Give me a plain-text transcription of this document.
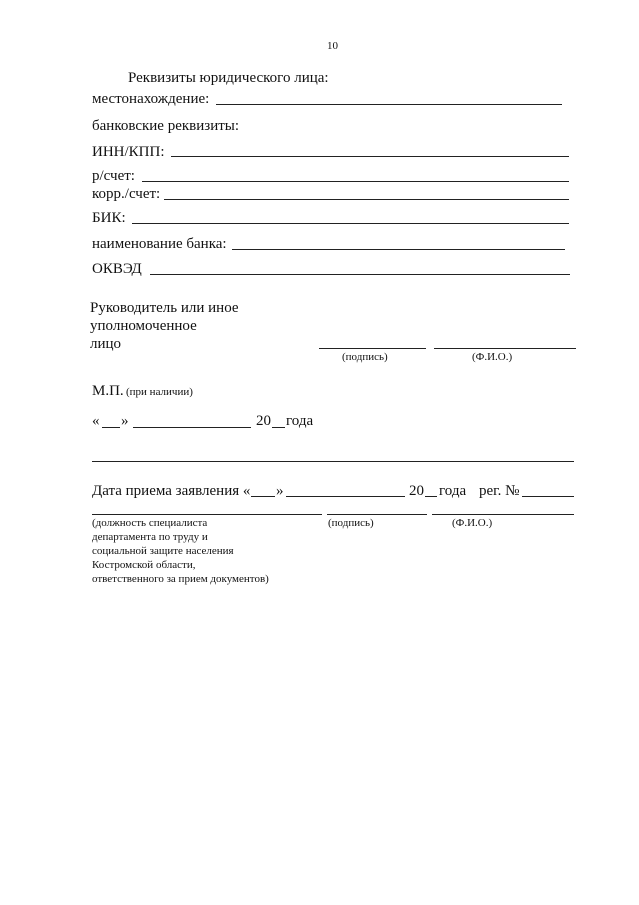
10
Реквизиты юридического лица:
местонахождение:
банковские реквизиты:
ИНН/КПП:
р/счет:
корр./счет:
БИК:
наименование банка:
ОКВЭД
Руководитель или иное
уполномоченное
лицо
(подпись)	(Ф.И.О.)
М.П. (при наличии)
« »	20 года
Дата приема заявления « »	20 года рег. №
(должность специалиста
департамента по труду и
социальной защите населения
Костромской области,
ответственного за прием документов)
(подпись)	(Ф.И.О.)
